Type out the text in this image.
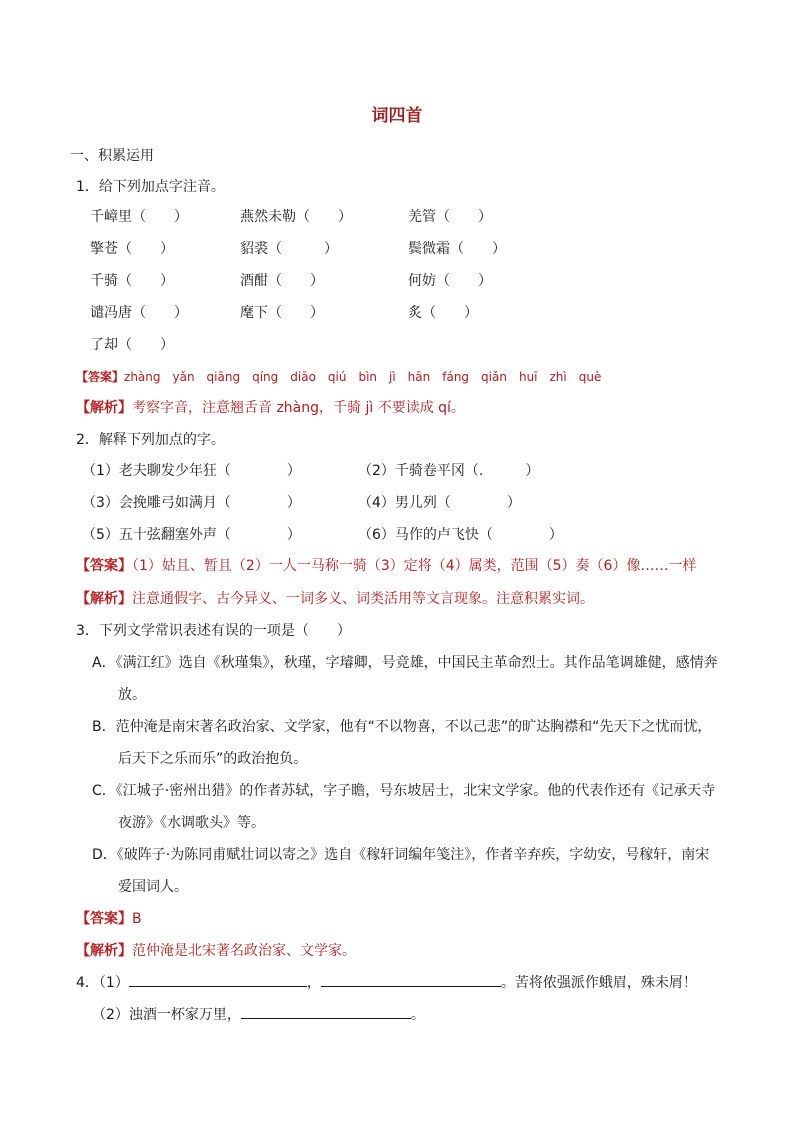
词四首
一、积累运用
1．给下列加点字注音。
千嶂里（　　）	燕然未勒（　　）	羌管（　　）
擎苍（　　）	貂裘（　　　）	鬓微霜（　　）
千骑（　　）	酒酣（　　）	何妨（　　）
谴冯唐（　　）	麾下（　　）	炙（　　）
了却（　　）
【答案】zhàng　yǎn　qiāng　qíng　diāo　qiú　bìn　jì　hān　fáng　qiǎn　huī　zhì　què
【解析】考察字音，注意翘舌音 zhàng，千骑 jì 不要读成 qí。
2．解释下列加点的字。
（1）老夫聊发少年狂（　　　　）	（2）千骑卷平冈（.　　　）
（3）会挽雕弓如满月（　　　　）	（4）男儿列（　　　　）
（5）五十弦翻塞外声（　　　　）	（6）马作的卢飞快（　　　　）
【答案】（1）姑且、暂且（2）一人一马称一骑（3）定将（4）属类，范围（5）奏（6）像……一样
【解析】注意通假字、古今异义、一词多义、词类活用等文言现象。注意积累实词。
3．下列文学常识表述有误的一项是（　　）
A．《满江红》选自《秋瑾集》，秋瑾，字璿卿，号竞雄，中国民主革命烈士。其作品笔调雄健，感情奔
放。
B．范仲淹是南宋著名政治家、文学家，他有“不以物喜，不以己悲”的旷达胸襟和“先天下之忧而忧，
后天下之乐而乐”的政治抱负。
C．《江城子·密州出猎》的作者苏轼，字子瞻，号东坡居士，北宋文学家。他的代表作还有《记承天寺
夜游》《水调歌头》等。
D．《破阵子·为陈同甫赋壮词以寄之》选自《稼轩词编年笺注》，作者辛弃疾，字幼安，号稼轩，南宋
爱国词人。
【答案】B
【解析】范仲淹是北宋著名政治家、文学家。
4．（1）	，	。苦将侬强派作蛾眉，殊未屑！
（2）浊酒一杯家万里，	。
